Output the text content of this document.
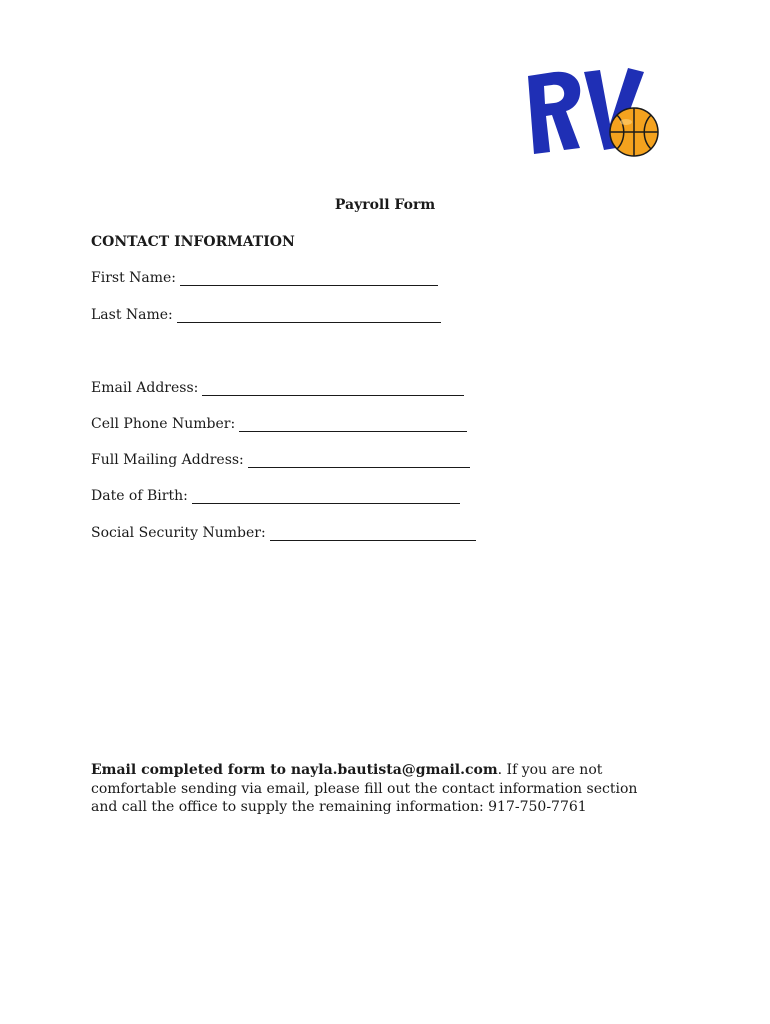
Payroll Form
CONTACT INFORMATION
First Name:
Last Name:
Email Address:
Cell Phone Number:
Full Mailing Address:
Date of Birth:
Social Security Number:
Email completed form to nayla.bautista@gmail.com. If you are not comfortable sending via email, please fill out the contact information section and call the office to supply the remaining information: 917-750-7761
